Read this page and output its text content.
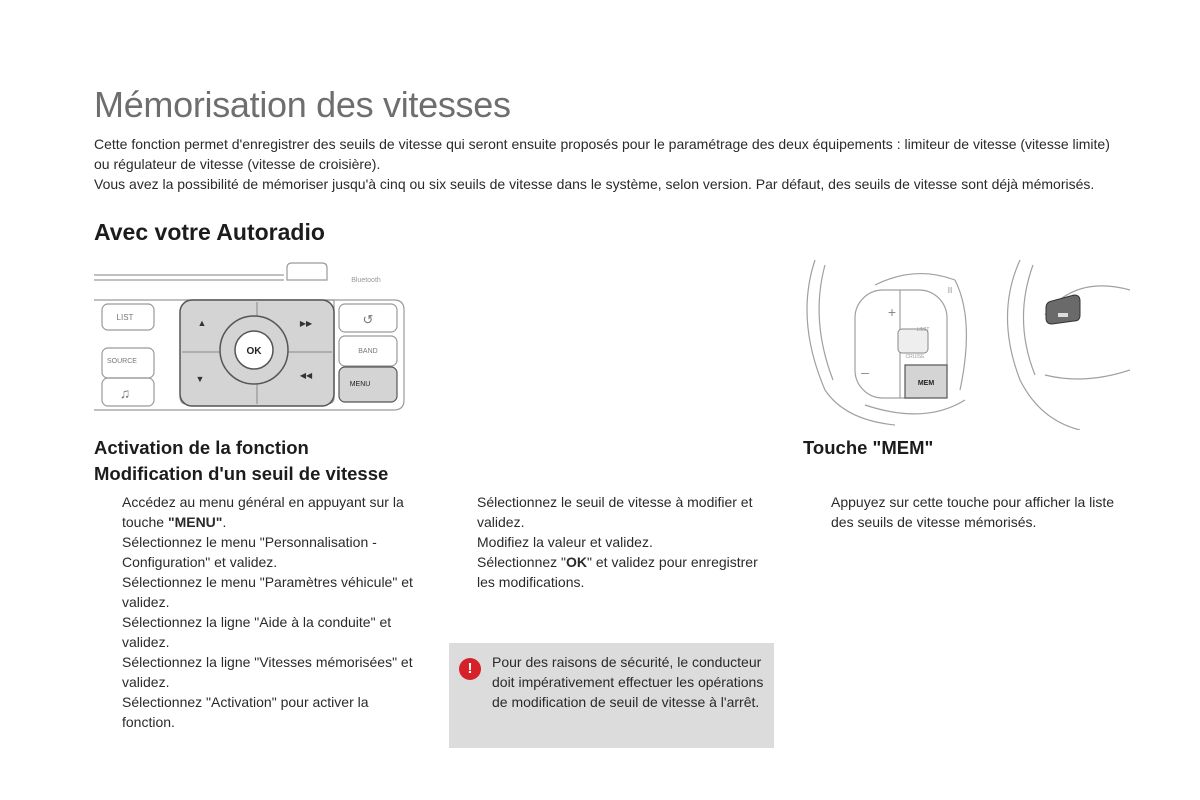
Mémorisation des vitesses

Cette fonction permet d'enregistrer des seuils de vitesse qui seront ensuite proposés pour le paramétrage des deux équipements : limiteur de vitesse (vitesse limite) ou régulateur de vitesse (vitesse de croisière).

Vous avez la possibilité de mémoriser jusqu'à cinq ou six seuils de vitesse dans le système, selon version. Par défaut, des seuils de vitesse sont déjà mémorisés.

Avec votre Autoradio
LIST
SOURCE
♫
↺
BAND
MENU
Bluetooth
OK
▲
▼
▶▶
◀◀
MEM
+
–
II
LIMIT
CRUISE
Activation de la fonction
Modification d'un seuil de vitesse
Accédez au menu général en appuyant sur la touche "MENU".
Sélectionnez le menu "Personnalisation - Configuration" et validez.
Sélectionnez le menu "Paramètres véhicule" et validez.
Sélectionnez la ligne "Aide à la conduite" et validez.
Sélectionnez la ligne "Vitesses mémorisées" et validez.
Sélectionnez "Activation" pour activer la fonction.
Sélectionnez le seuil de vitesse à modifier et validez.
Modifiez la valeur et validez.
Sélectionnez "OK" et validez pour enregistrer les modifications.
!	Pour des raisons de sécurité, le conducteur doit impérativement effectuer les opérations de modification de seuil de vitesse à l'arrêt.
Touche "MEM"
Appuyez sur cette touche pour afficher la liste des seuils de vitesse mémorisés.
